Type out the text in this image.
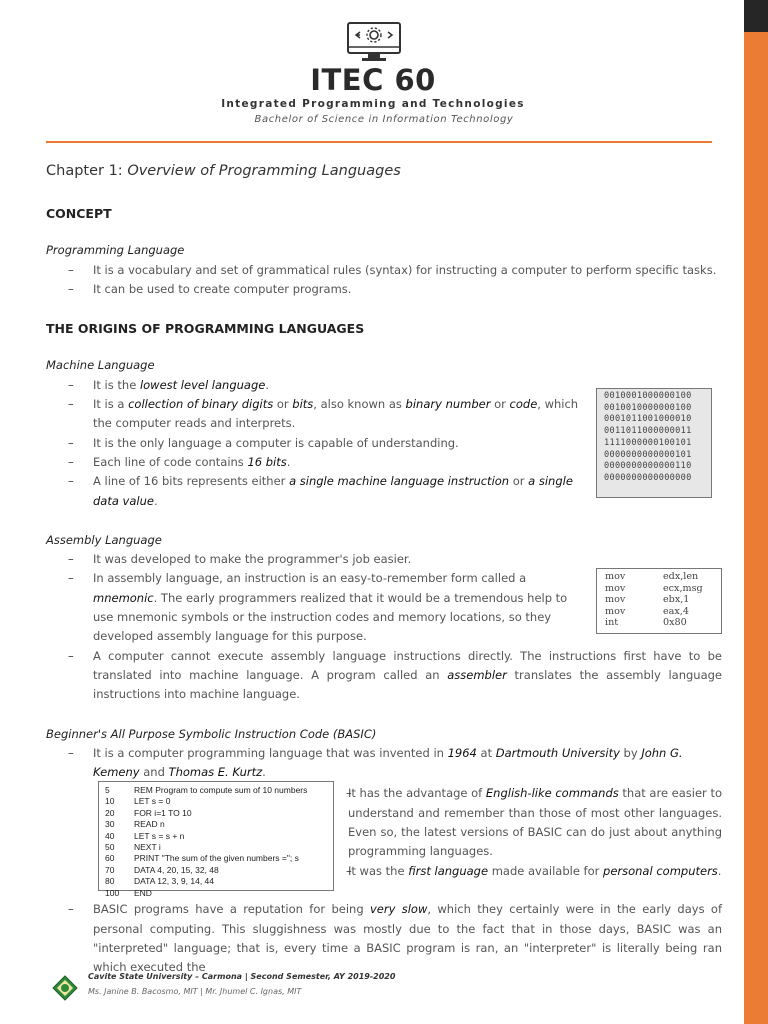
ITEC 60
Integrated Programming and Technologies
Bachelor of Science in Information Technology

Chapter 1: Overview of Programming Languages

CONCEPT

Programming Language

– It is a vocabulary and set of grammatical rules (syntax) for instructing a computer to perform specific tasks.
– It can be used to create computer programs.

THE ORIGINS OF PROGRAMMING LANGUAGES

Machine Language

– It is the lowest level language.
– It is a collection of binary digits or bits, also known as binary number or code, which the computer reads and interprets.
– It is the only language a computer is capable of understanding.
– Each line of code contains 16 bits.
– A line of 16 bits represents either a single machine language instruction or a single data value.

Assembly Language

– It was developed to make the programmer's job easier.
– In assembly language, an instruction is an easy-to-remember form called a mnemonic. The early programmers realized that it would be a tremendous help to use mnemonic symbols or the instruction codes and memory locations, so they developed assembly language for this purpose.
– A computer cannot execute assembly language instructions directly. The instructions first have to be translated into machine language. A program called an assembler translates the assembly language instructions into machine language.

Beginner's All Purpose Symbolic Instruction Code (BASIC)

– It is a computer programming language that was invented in 1964 at Dartmouth University by John G. Kemeny and Thomas E. Kurtz.
– It has the advantage of English-like commands that are easier to understand and remember than those of most other languages. Even so, the latest versions of BASIC can do just about anything programming languages.
– It was the first language made available for personal computers.
– BASIC programs have a reputation for being very slow, which they certainly were in the early days of personal computing. This sluggishness was mostly due to the fact that in those days, BASIC was an "interpreted" language; that is, every time a BASIC program is ran, an "interpreter" is literally being ran which executed the
0010001000000100
0010010000000100
0001011001000010
0011011000000011
1111000000100101
0000000000000101
0000000000000110
0000000000000000
mov	edx,len
mov	ecx,msg
mov	ebx,1
mov	eax,4
int	0x80
5	REM Program to compute sum of 10 numbers
10	LET s = 0
20	FOR i=1 TO 10
30	READ n
40	LET s = s + n
50	NEXT i
60	PRINT "The sum of the given numbers ="; s
70	DATA 4, 20, 15, 32, 48
80	DATA 12, 3, 9, 14, 44
100	END
Cavite State University – Carmona | Second Semester, AY 2019-2020
Ms. Janine B. Bacosmo, MIT | Mr. Jhumel C. Ignas, MIT
